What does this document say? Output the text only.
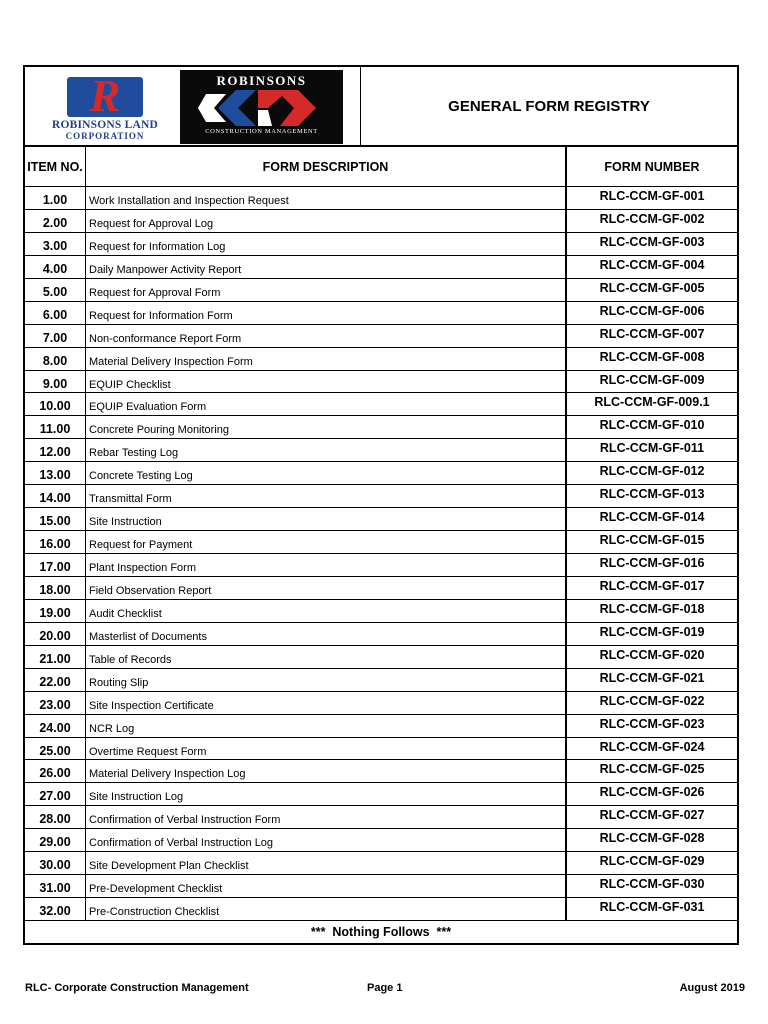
R
ROBINSONS LAND
CORPORATION
ROBINSONS
CONSTRUCTION MANAGEMENT
GENERAL FORM REGISTRY
ITEM NO.	FORM DESCRIPTION	FORM NUMBER
1.00	Work Installation and Inspection Request	RLC-CCM-GF-001
2.00	Request for Approval Log	RLC-CCM-GF-002
3.00	Request for Information Log	RLC-CCM-GF-003
4.00	Daily Manpower Activity Report	RLC-CCM-GF-004
5.00	Request for Approval Form	RLC-CCM-GF-005
6.00	Request for Information Form	RLC-CCM-GF-006
7.00	Non-conformance Report Form	RLC-CCM-GF-007
8.00	Material Delivery Inspection Form	RLC-CCM-GF-008
9.00	EQUIP Checklist	RLC-CCM-GF-009
10.00	EQUIP Evaluation Form	RLC-CCM-GF-009.1
11.00	Concrete Pouring Monitoring	RLC-CCM-GF-010
12.00	Rebar Testing Log	RLC-CCM-GF-011
13.00	Concrete Testing Log	RLC-CCM-GF-012
14.00	Transmittal Form	RLC-CCM-GF-013
15.00	Site Instruction	RLC-CCM-GF-014
16.00	Request for Payment	RLC-CCM-GF-015
17.00	Plant Inspection Form	RLC-CCM-GF-016
18.00	Field Observation Report	RLC-CCM-GF-017
19.00	Audit Checklist	RLC-CCM-GF-018
20.00	Masterlist of Documents	RLC-CCM-GF-019
21.00	Table of Records	RLC-CCM-GF-020
22.00	Routing Slip	RLC-CCM-GF-021
23.00	Site Inspection Certificate	RLC-CCM-GF-022
24.00	NCR Log	RLC-CCM-GF-023
25.00	Overtime Request Form	RLC-CCM-GF-024
26.00	Material Delivery Inspection Log	RLC-CCM-GF-025
27.00	Site Instruction Log	RLC-CCM-GF-026
28.00	Confirmation of Verbal Instruction Form	RLC-CCM-GF-027
29.00	Confirmation of Verbal Instruction Log	RLC-CCM-GF-028
30.00	Site Development Plan Checklist	RLC-CCM-GF-029
31.00	Pre-Development Checklist	RLC-CCM-GF-030
32.00	Pre-Construction Checklist	RLC-CCM-GF-031
***  Nothing Follows  ***
RLC- Corporate Construction Management	Page 1	August 2019
